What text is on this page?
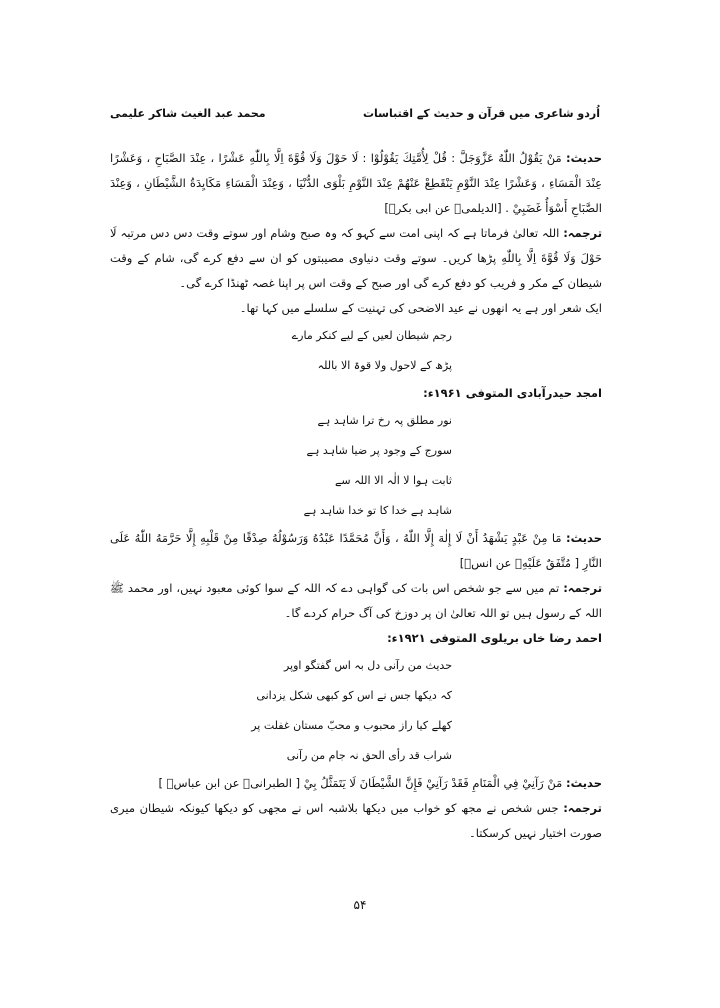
اُردو شاعری میں قرآن و حدیث کے اقتباسات
محمد عبد الغیث شاکر علیمی

حدیث: مَنْ يَقُوْلُ اللّٰهُ عَزَّوَجَلَّ : قُلْ لِأُمَّتِكَ يَقُوْلُوْا : لَا حَوْلَ وَلَا قُوَّةَ اِلَّا بِاللّٰهِ عَشْرًا ، عِنْدَ الصَّبَاحِ ، وَعَشْرًا عِنْدَ الْمَسَاءِ ، وَعَشْرًا عِنْدَ النَّوْمِ يَنْقَطِعْ عَنْهُمْ عِنْدَ النَّوْمِ بَلْوَى الدُّنْيَا ، وَعِنْدَ الْمَسَاءِ مَكَايِدَةُ الشَّيْطَانِ ، وَعِنْدَ الصَّبَاحِ أَسْوَأُ غَضَبِيْ . [الديلمی۔ عن ابی بکرؓ]

ترجمہ: اللہ تعالیٰ فرماتا ہے کہ اپنی امت سے کہو کہ وہ صبح وشام اور سوتے وقت دس دس مرتبہ لَا حَوْلَ وَلَا قُوَّةَ اِلَّا بِاللّٰهِ پڑھا کریں۔ سوتے وقت دنیاوی مصیبتوں کو ان سے دفع کرے گی، شام کے وقت شیطان کے مکر و فریب کو دفع کرے گی اور صبح کے وقت اس پر اپنا غصہ ٹھنڈا کرے گی۔

ایک شعر اور ہے یہ انھوں نے عید الاضحی کی تہنیت کے سلسلے میں کہا تھا۔

رجم شیطان لعیں کے لیے کنکر مارے

پڑھ کے لاحول ولا قوۃ الا باللہ

امجد حیدرآبادی المتوفی ۱۹۶۱ء:

نور مطلق پہ رخ ترا شاہد ہے

سورج کے وجود پر ضیا شاہد ہے

ثابت ہوا لا الٰہ الا اللہ سے

شاہد ہے خدا کا تو خدا شاہد ہے

حدیث: مَا مِنْ عَبْدٍ يَشْهَدُ أَنْ لَا إِلٰهَ إِلَّا اللّٰهُ ، وَأَنَّ مُحَمَّدًا عَبْدُهُ وَرَسُوْلُهُ صِدْقًا مِنْ قَلْبِهِ إِلَّا حَرَّمَهُ اللّٰهُ عَلَى النَّارِ [ مُتَّفَقٌ عَلَيْهِ۔ عن انسؓ]

ترجمہ: تم میں سے جو شخص اس بات کی گواہی دے کہ اللہ کے سوا کوئی معبود نہیں، اور محمد ﷺ اللہ کے رسول ہیں تو اللہ تعالیٰ ان پر دوزخ کی آگ حرام کردے گا۔

احمد رضا خاں بریلوی المتوفی ۱۹۲۱ء:

حدیث من رآنی دل بہ اس گفتگو اوپر

کہ دیکھا جس نے اس کو کبھی شکل یزدانی

کھلے کیا راز محبوب و محبّ مستان غفلت پر

شراب قد رأی الحق نہ جام من رآنی

حدیث: مَنْ رَآنِيْ فِي الْمَنَامِ فَقَدْ رَآنِيْ فَإِنَّ الشَّيْطَانَ لَا يَتَمَثَّلُ بِيْ [ الطبرانی۔ عن ابن عباسؓ ]

ترجمہ: جس شخص نے مجھ کو خواب میں دیکھا بلاشبہ اس نے مجھی کو دیکھا کیونکہ شیطان میری صورت اختیار نہیں کرسکتا۔

۵۴
